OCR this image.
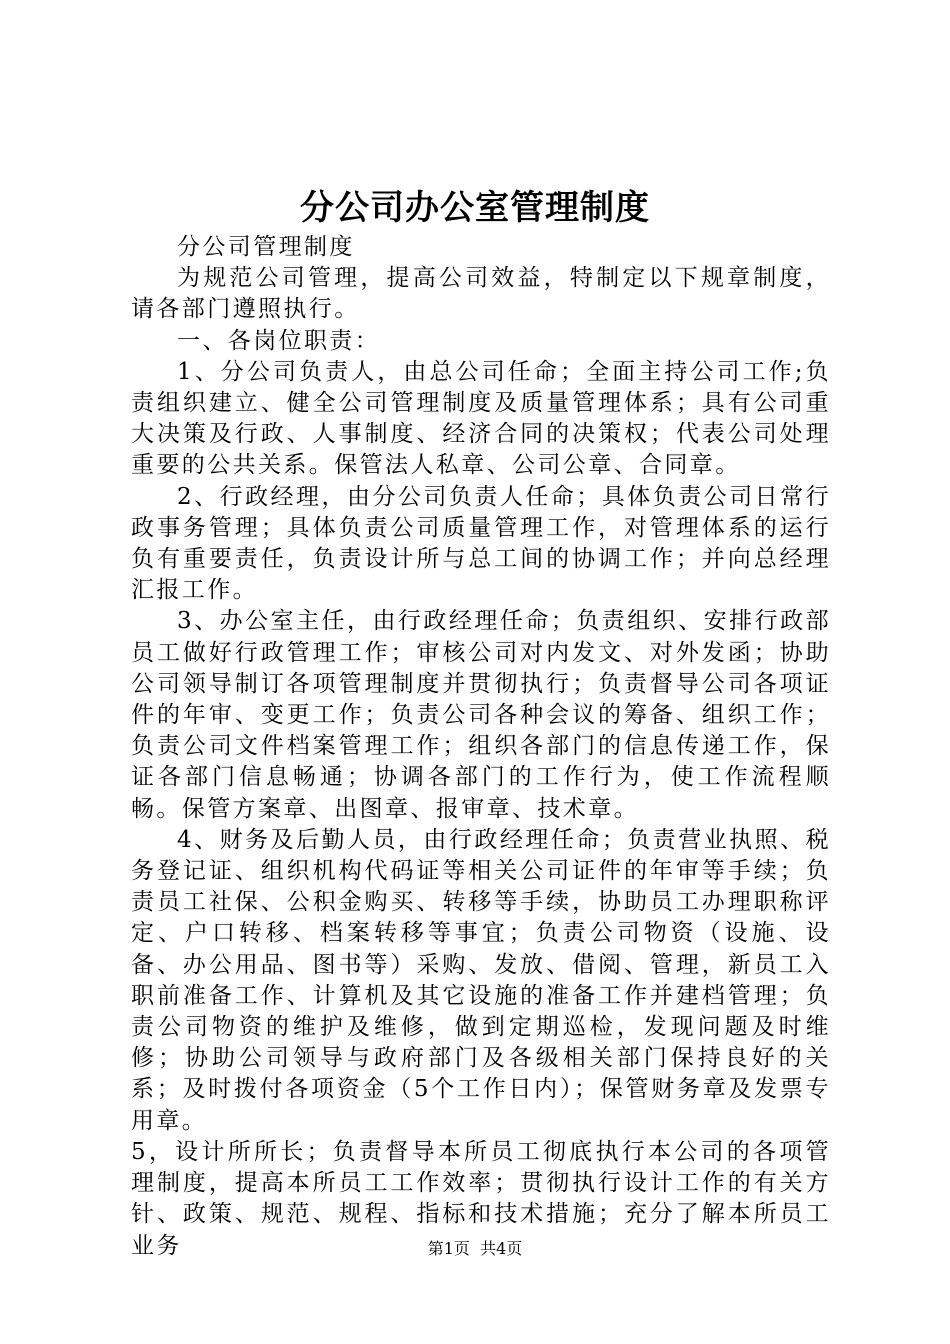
分公司办公室管理制度

分公司管理制度

为规范公司管理，提高公司效益，特制定以下规章制度，请各部门遵照执行。

一、各岗位职责：

1、分公司负责人，由总公司任命；全面主持公司工作;负责组织建立、健全公司管理制度及质量管理体系；具有公司重大决策及行政、人事制度、经济合同的决策权；代表公司处理重要的公共关系。保管法人私章、公司公章、合同章。

2、行政经理，由分公司负责人任命；具体负责公司日常行政事务管理；具体负责公司质量管理工作，对管理体系的运行负有重要责任，负责设计所与总工间的协调工作；并向总经理汇报工作。

3、办公室主任，由行政经理任命；负责组织、安排行政部员工做好行政管理工作；审核公司对内发文、对外发函；协助公司领导制订各项管理制度并贯彻执行；负责督导公司各项证件的年审、变更工作；负责公司各种会议的筹备、组织工作；负责公司文件档案管理工作；组织各部门的信息传递工作，保证各部门信息畅通；协调各部门的工作行为，使工作流程顺畅。保管方案章、出图章、报审章、技术章。

4、财务及后勤人员，由行政经理任命；负责营业执照、税务登记证、组织机构代码证等相关公司证件的年审等手续；负责员工社保、公积金购买、转移等手续，协助员工办理职称评定、户口转移、档案转移等事宜；负责公司物资（设施、设备、办公用品、图书等）采购、发放、借阅、管理，新员工入职前准备工作、计算机及其它设施的准备工作并建档管理；负责公司物资的维护及维修，做到定期巡检，发现问题及时维修；协助公司领导与政府部门及各级相关部门保持良好的关系；及时拨付各项资金（5个工作日内）；保管财务章及发票专用章。

5，设计所所长；负责督导本所员工彻底执行本公司的各项管理制度，提高本所员工工作效率；贯彻执行设计工作的有关方针、政策、规范、规程、指标和技术措施；充分了解本所员工业务	第1页  共4页
